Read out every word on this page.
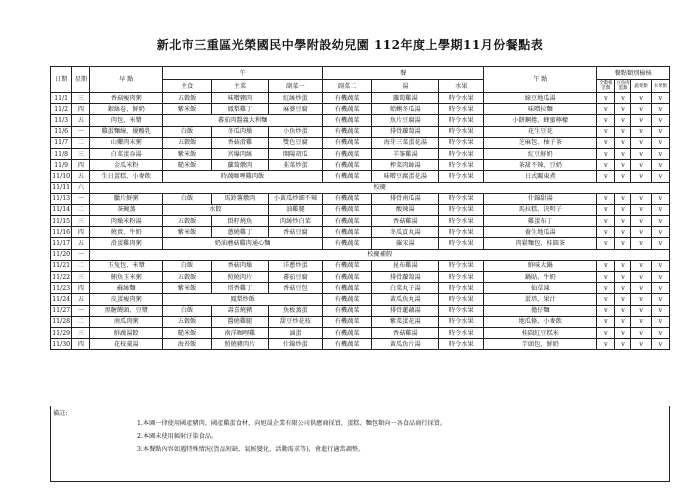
新北市三重區光榮國民中學附設幼兒園 112年度上學期11月份餐點表
日期	星期	早 點	午			餐			午 點	餐點類別檢核			
			主食	主菜	副菜一	副菜二	湯	水果		全穀根莖類	豆魚肉蛋類	蔬菜類	水果類
11/1	三	香菇瘦肉粥	五穀飯	味噌豬肉	紅絲炒蛋	有機蔬菜	蘿蔔雞湯	時令水果	綠豆地瓜湯	v	v	v	v
11/2	四	銀絲卷、鮮奶	紫米飯	鳳梨雞丁	麻婆豆腐	有機蔬菜	蛤蜊冬瓜湯	時令水果	味噌拉麵	v	v	v	v
11/3	五	肉包、米漿	蕃茄肉醬義大利麵			有機蔬菜	魚片豆腐湯	時令水果	小餅鋼捲、蜂蜜檸檬	v	v	v	v
11/6	一	雞蛋麵線、優酪乳	白飯	冬瓜肉燥	小魚炒蛋	有機蔬菜	排骨蘿蔔湯	時令水果	花生豆花	v	v	v	v
11/7	二	山藥肉末粥	五穀飯	香菇滑雞	雙色豆腐	有機蔬菜	海芽三菜蛋花湯	時令水果	芝麻包、柚子茶	v	v	v	v
11/8	三	白菜蛋吞湯	紫米飯	宮爆肉絲	開陽胡瓜	有機蔬菜	羊筝雞湯	時令水果	紅豆鮮奶	v	v	v	v
11/9	四	金瓜米粉	糙米飯	蘿蔔燉肉	韭菜炒蛋	有機蔬菜	榨菜肉絲湯	時令水果	茶甜不辣、豆奶	v	v	v	v
11/10	五	生日蛋糕、小麥飲	時蔬咖哩雞肉飯			有機蔬菜	味噌豆腐蛋花湯	時令水果	日式關東煮	v	v	v	v
11/11	六	校慶											
11/13	一	臘片鮮粥	白飯	馬鈴薯燉肉	小黃瓜炒細不辣	有機蔬菜	排骨南瓜湯	時令水果	什錦甜湯	v	v	v	v
11/14	二	茶碗蒸	水餃		油雞腿	有機蔬菜	酸辣湯	時令水果	馬拉糕、決明子	v	v	v	v
11/15	三	肉燥米粉湯	五穀飯	掛籽燒魚	肉絲炒白菜	有機蔬菜	香菇雞湯	時令水果	雞蛋布丁	v	v	v	v
11/16	四	燒賣、牛奶	紫米飯	蔥燒雞丁	香菇豆腐	有機蔬菜	冬瓜貢丸湯	時令水果	養生地瓜湯	v	v	v	v
11/17	五	滑蛋雞肉粥	奶油蘑菇雞肉通心麵			有機蔬菜	羅宋湯	時令水果	肉鬆麵包、桂圓茶	v	v	v	v
11/20	一	校慶補假											
11/21	二	玉兔包、米漿	白飯	香菇肉燥	洋蔥炒蛋	有機蔬菜	昆布雞湯	時令水果	鮮味大鍋	v	v	v	v
11/22	三	鮪魚玉米粥	五穀飯	照燒肉片	蕃茄豆腐	有機蔬菜	排骨蘿蔔湯	時令水果	鍋貼、牛奶	v	v	v	v
11/23	四	蘇絲麵	紫米飯	塔香雞丁	香菇豆包	有機蔬菜	白菜丸子湯	時令水果	仙草凍	v	v	v	v
11/24	五	皮蛋瘦肉粥	鳳梨炒飯			有機蔬菜	黃瓜魚丸湯	時令水果	蛋塔、果汁	v	v	v	v
11/27	一	黑糖饅頭、豆漿	白飯	壽喜燒豬	魚板蒸蛋	有機蔬菜	排骨蓮藕湯	時令水果	擔仔麵	v	v	v	v
11/28	二	南瓜肉粥	五穀飯	醬燒雞腿	甜豆炒花枝	有機蔬菜	紫菜蛋花湯	時令水果	地瓜條、小麥飲	v	v	v	v
11/29	三	鮮蔬湯餃	糙米飯	南洋咖哩雞	滷蛋	有機蔬菜	香菇雞湯	時令水果	桂圓紅豆糕米	v	v	v	v
11/30	四	花枝羹湯	海苔飯	照燒豬肉片	什錦炒蛋	有機蔬菜	黃瓜魚片湯	時令水果	芋頭包、鮮奶	v	v	v	v
備註:
1.本園一律使用國產豬肉、國產雞蛋食材，向旭晟企業有限公司供應商採買，蛋糕、麵包類向一各食品商行採買。
2.本園未使用輻射汙染食品。
3.本餐點內容如遇特殊情況(貨品短缺、氣候變化、活動需求等)，會進行適當調整。
